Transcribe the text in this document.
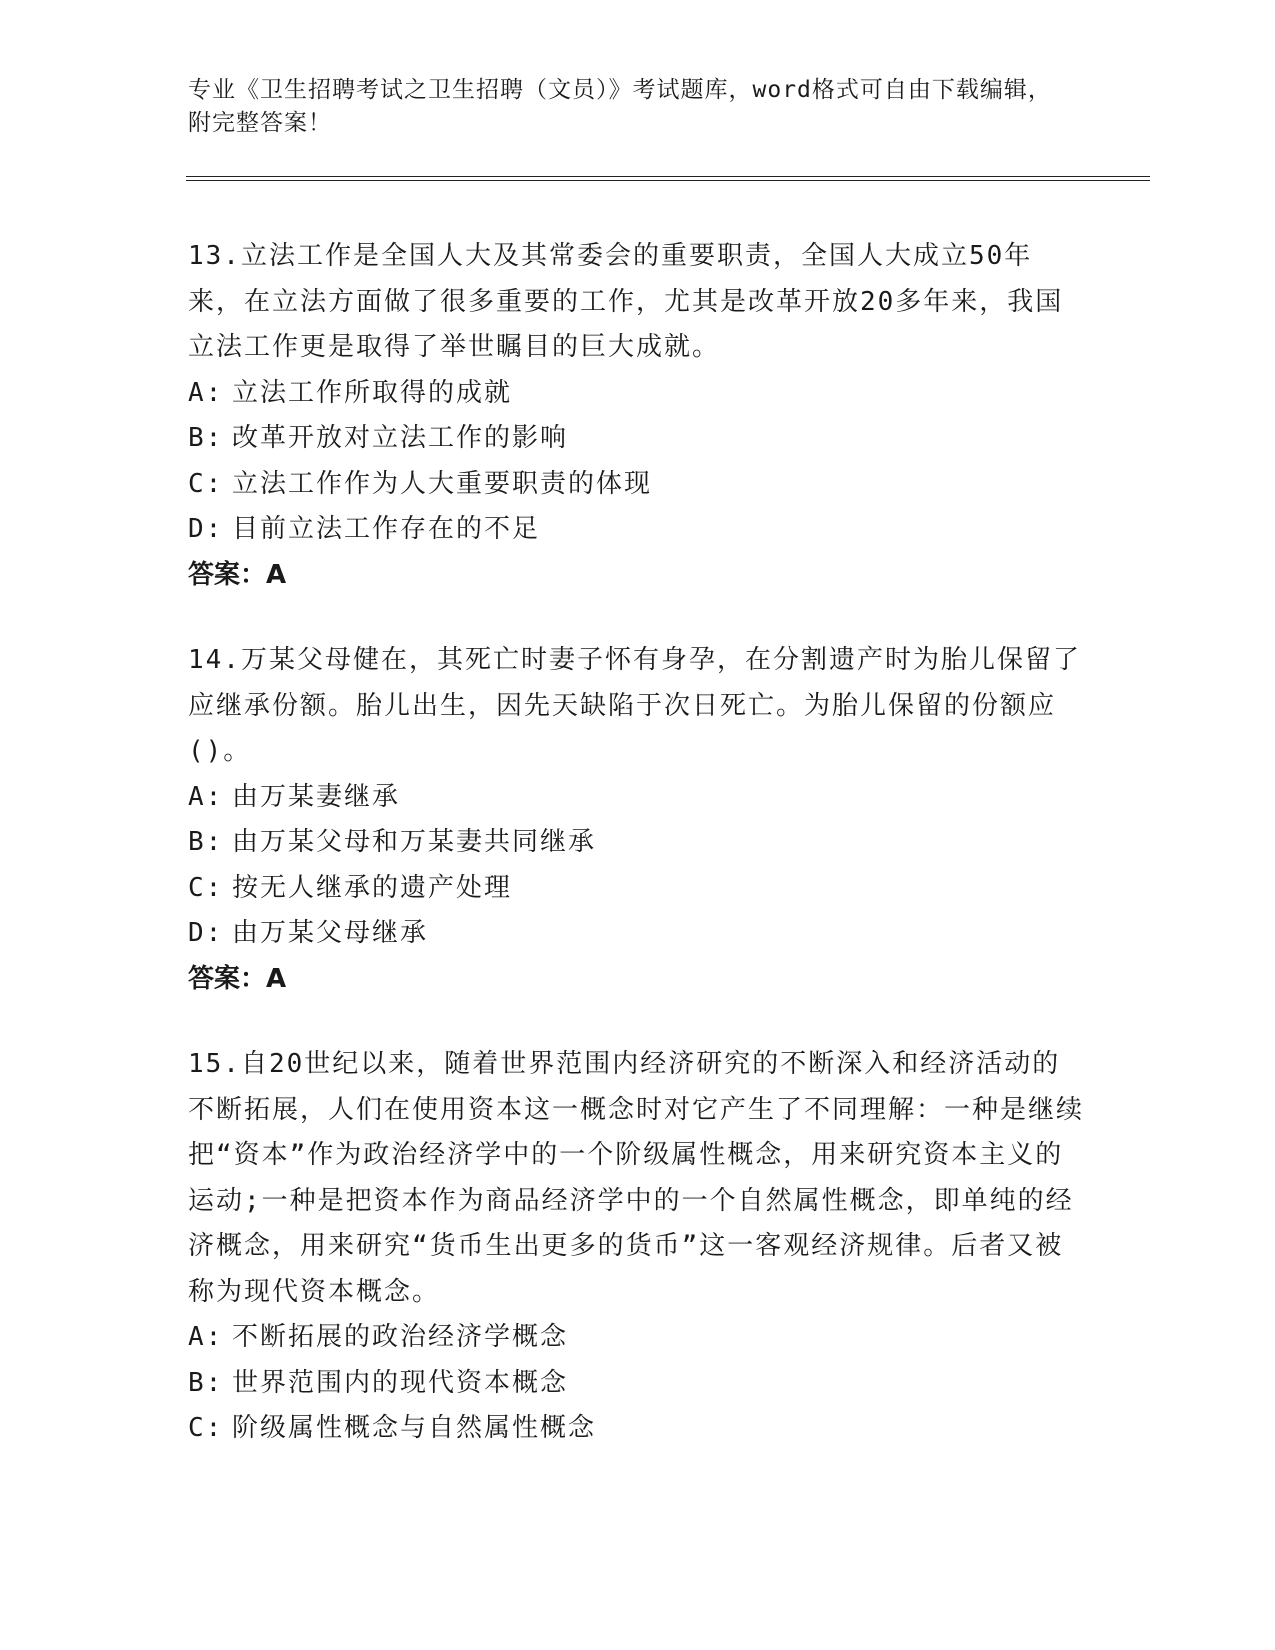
专业《卫生招聘考试之卫生招聘（文员）》考试题库，word格式可自由下载编辑，附完整答案！

13.立法工作是全国人大及其常委会的重要职责，全国人大成立50年来，在立法方面做了很多重要的工作，尤其是改革开放20多年来，我国立法工作更是取得了举世瞩目的巨大成就。

A: 立法工作所取得的成就

B: 改革开放对立法工作的影响

C: 立法工作作为人大重要职责的体现

D: 目前立法工作存在的不足

答案：A

14.万某父母健在，其死亡时妻子怀有身孕，在分割遗产时为胎儿保留了应继承份额。胎儿出生，因先天缺陷于次日死亡。为胎儿保留的份额应()。

A: 由万某妻继承

B: 由万某父母和万某妻共同继承

C: 按无人继承的遗产处理

D: 由万某父母继承

答案：A

15.自20世纪以来，随着世界范围内经济研究的不断深入和经济活动的不断拓展，人们在使用资本这一概念时对它产生了不同理解：一种是继续把“资本”作为政治经济学中的一个阶级属性概念，用来研究资本主义的运动;一种是把资本作为商品经济学中的一个自然属性概念，即单纯的经济概念，用来研究“货币生出更多的货币”这一客观经济规律。后者又被称为现代资本概念。

A: 不断拓展的政治经济学概念

B: 世界范围内的现代资本概念

C: 阶级属性概念与自然属性概念
